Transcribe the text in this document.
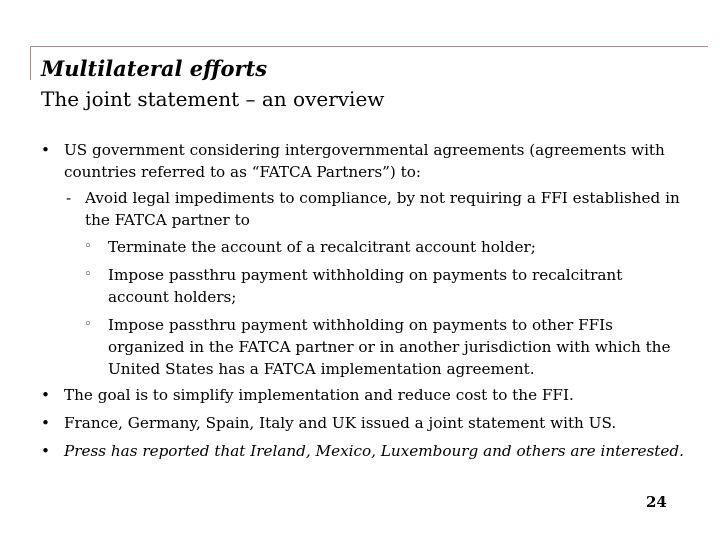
Multilateral efforts
The joint statement – an overview
• US government considering intergovernmental agreements (agreements with countries referred to as “FATCA Partners”) to:
- Avoid legal impediments to compliance, by not requiring a FFI established in the FATCA partner to
◦ Terminate the account of a recalcitrant account holder;
◦ Impose passthru payment withholding on payments to recalcitrant account holders;
◦ Impose passthru payment withholding on payments to other FFIs organized in the FATCA partner or in another jurisdiction with which the United States has a FATCA implementation agreement.
• The goal is to simplify implementation and reduce cost to the FFI.
• France, Germany, Spain, Italy and UK issued a joint statement with US.
• Press has reported that Ireland, Mexico, Luxembourg and others are interested.
24
